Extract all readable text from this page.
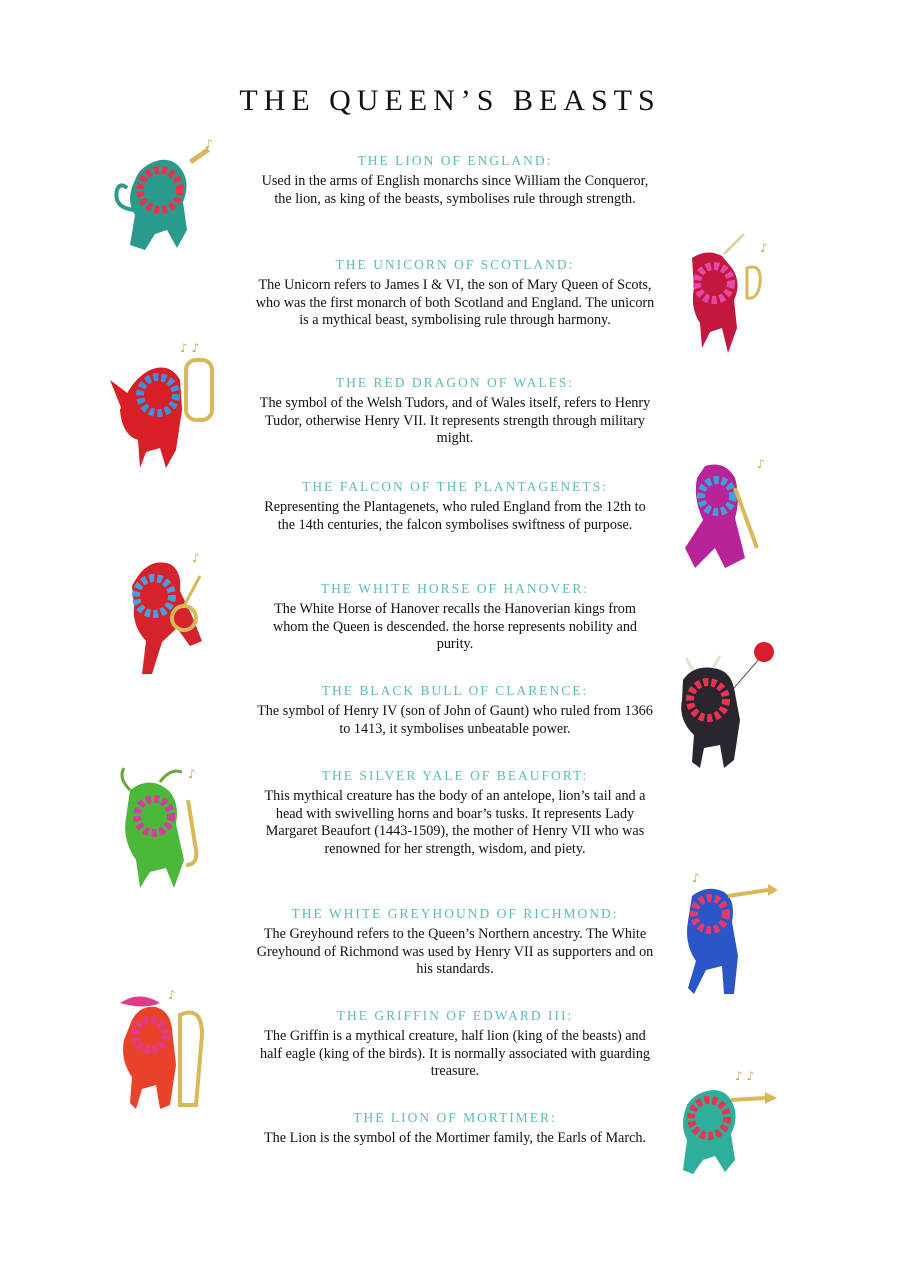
THE QUEEN’S BEASTS
THE LION OF ENGLAND:
Used in the arms of English monarchs since William the Conqueror, the lion, as king of the beasts, symbolises rule through strength.
THE UNICORN OF SCOTLAND:
The Unicorn refers to James I & VI, the son of Mary Queen of Scots, who was the first monarch of both Scotland and England. The unicorn is a mythical beast, symbolising rule through harmony.
THE RED DRAGON OF WALES:
The symbol of the Welsh Tudors, and of Wales itself, refers to Henry Tudor, otherwise Henry VII. It represents strength through military might.
THE FALCON OF THE PLANTAGENETS:
Representing the Plantagenets, who ruled England from the 12th to the 14th centuries, the falcon symbolises swiftness of purpose.
THE WHITE HORSE OF HANOVER:
The White Horse of Hanover recalls the Hanoverian kings from whom the Queen is descended. the horse represents nobility and purity.
THE BLACK BULL OF CLARENCE:
The symbol of Henry IV (son of John of Gaunt) who ruled from 1366 to 1413, it symbolises unbeatable power.
THE SILVER YALE OF BEAUFORT:
This mythical creature has the body of an antelope, lion’s tail and a head with swivelling horns and boar’s tusks. It represents Lady Margaret Beaufort (1443-1509), the mother of Henry VII who was renowned for her strength, wisdom, and piety.
THE WHITE GREYHOUND OF RICHMOND:
The Greyhound refers to the Queen’s Northern ancestry. The White Greyhound of Richmond was used by Henry VII as supporters and on his standards.
THE GRIFFIN OF EDWARD III:
The Griffin is a mythical creature, half lion (king of the beasts) and half eagle (king of the birds). It is normally associated with guarding treasure.
THE LION OF MORTIMER:
The Lion is the symbol of the Mortimer family, the Earls of March.
♪
♪
♪ ♪
♪
♪
♪
♪
♪
♪ ♪
